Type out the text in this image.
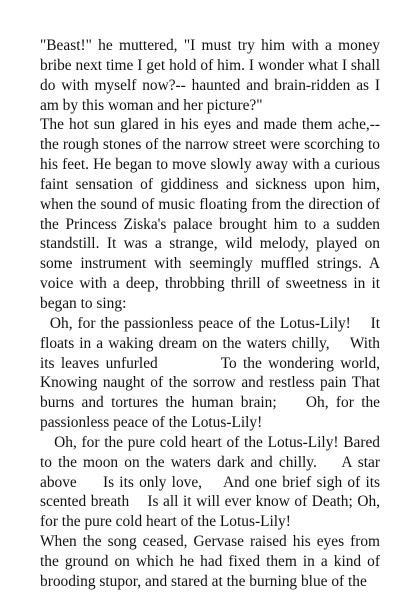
"Beast!" he muttered, "I must try him with a money bribe next time I get hold of him. I wonder what I shall do with myself now?-- haunted and brain-ridden as I am by this woman and her picture?"

The hot sun glared in his eyes and made them ache,-- the rough stones of the narrow street were scorching to his feet. He began to move slowly away with a curious faint sensation of giddiness and sickness upon him, when the sound of music floating from the direction of the Princess Ziska's palace brought him to a sudden standstill. It was a strange, wild melody, played on some instrument with seemingly muffled strings. A voice with a deep, throbbing thrill of sweetness in it began to sing:

Oh, for the passionless peace of the Lotus-Lily!    It floats in a waking dream on the waters chilly,    With its leaves unfurled          To the wondering world, Knowing naught of the sorrow and restless pain That burns and tortures the human brain;    Oh, for the passionless peace of the Lotus-Lily!

Oh, for the pure cold heart of the Lotus-Lily! Bared to the moon on the waters dark and chilly.    A star above     Is its only love,    And one brief sigh of its scented breath    Is all it will ever know of Death; Oh, for the pure cold heart of the Lotus-Lily!

When the song ceased, Gervase raised his eyes from the ground on which he had fixed them in a kind of brooding stupor, and stared at the burning blue of the
